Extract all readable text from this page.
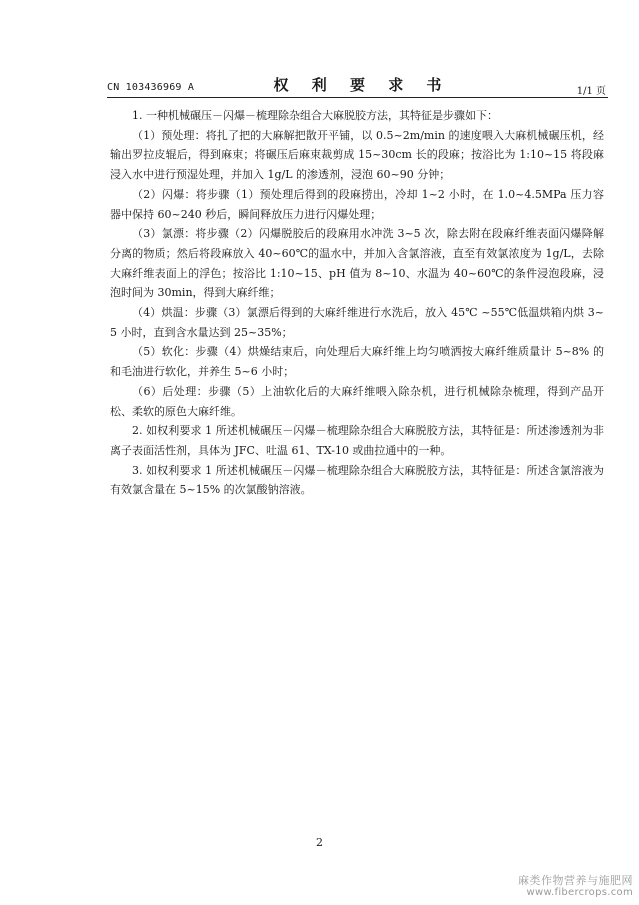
CN 103436969 A	权 利 要 求 书	1/1 页

1. 一种机械碾压－闪爆－梳理除杂组合大麻脱胶方法，其特征是步骤如下：

（1）预处理：将扎了把的大麻解把散开平铺，以 0.5~2m/min 的速度喂入大麻机械碾压机，经输出罗拉皮辊后，得到麻束；将碾压后麻束裁剪成 15~30cm 长的段麻；按浴比为 1:10~15 将段麻浸入水中进行预湿处理，并加入 1g/L 的渗透剂，浸泡 60~90 分钟；

（2）闪爆：将步骤（1）预处理后得到的段麻捞出，冷却 1~2 小时，在 1.0~4.5MPa 压力容器中保持 60~240 秒后，瞬间释放压力进行闪爆处理；

（3）氯漂：将步骤（2）闪爆脱胶后的段麻用水冲洗 3~5 次，除去附在段麻纤维表面闪爆降解分离的物质；然后将段麻放入 40~60℃的温水中，并加入含氯溶液，直至有效氯浓度为 1g/L，去除大麻纤维表面上的浮色；按浴比 1:10~15、pH 值为 8~10、水温为 40~60℃的条件浸泡段麻，浸泡时间为 30min，得到大麻纤维；

（4）烘温：步骤（3）氯漂后得到的大麻纤维进行水洗后，放入 45℃ ~55℃低温烘箱内烘 3~5 小时，直到含水量达到 25~35%；

（5）软化：步骤（4）烘燥结束后，向处理后大麻纤维上均匀喷洒按大麻纤维质量计 5~8% 的和毛油进行软化，并养生 5~6 小时；

（6）后处理：步骤（5）上油软化后的大麻纤维喂入除杂机，进行机械除杂梳理，得到产品开松、柔软的原色大麻纤维。

2. 如权利要求 1 所述机械碾压－闪爆－梳理除杂组合大麻脱胶方法，其特征是：所述渗透剂为非离子表面活性剂，具体为 JFC、吐温 61、TX-10 或曲拉通中的一种。

3. 如权利要求 1 所述机械碾压－闪爆－梳理除杂组合大麻脱胶方法，其特征是：所述含氯溶液为有效氯含量在 5~15% 的次氯酸钠溶液。

2
麻类作物营养与施肥网
www.fibercrops.com
